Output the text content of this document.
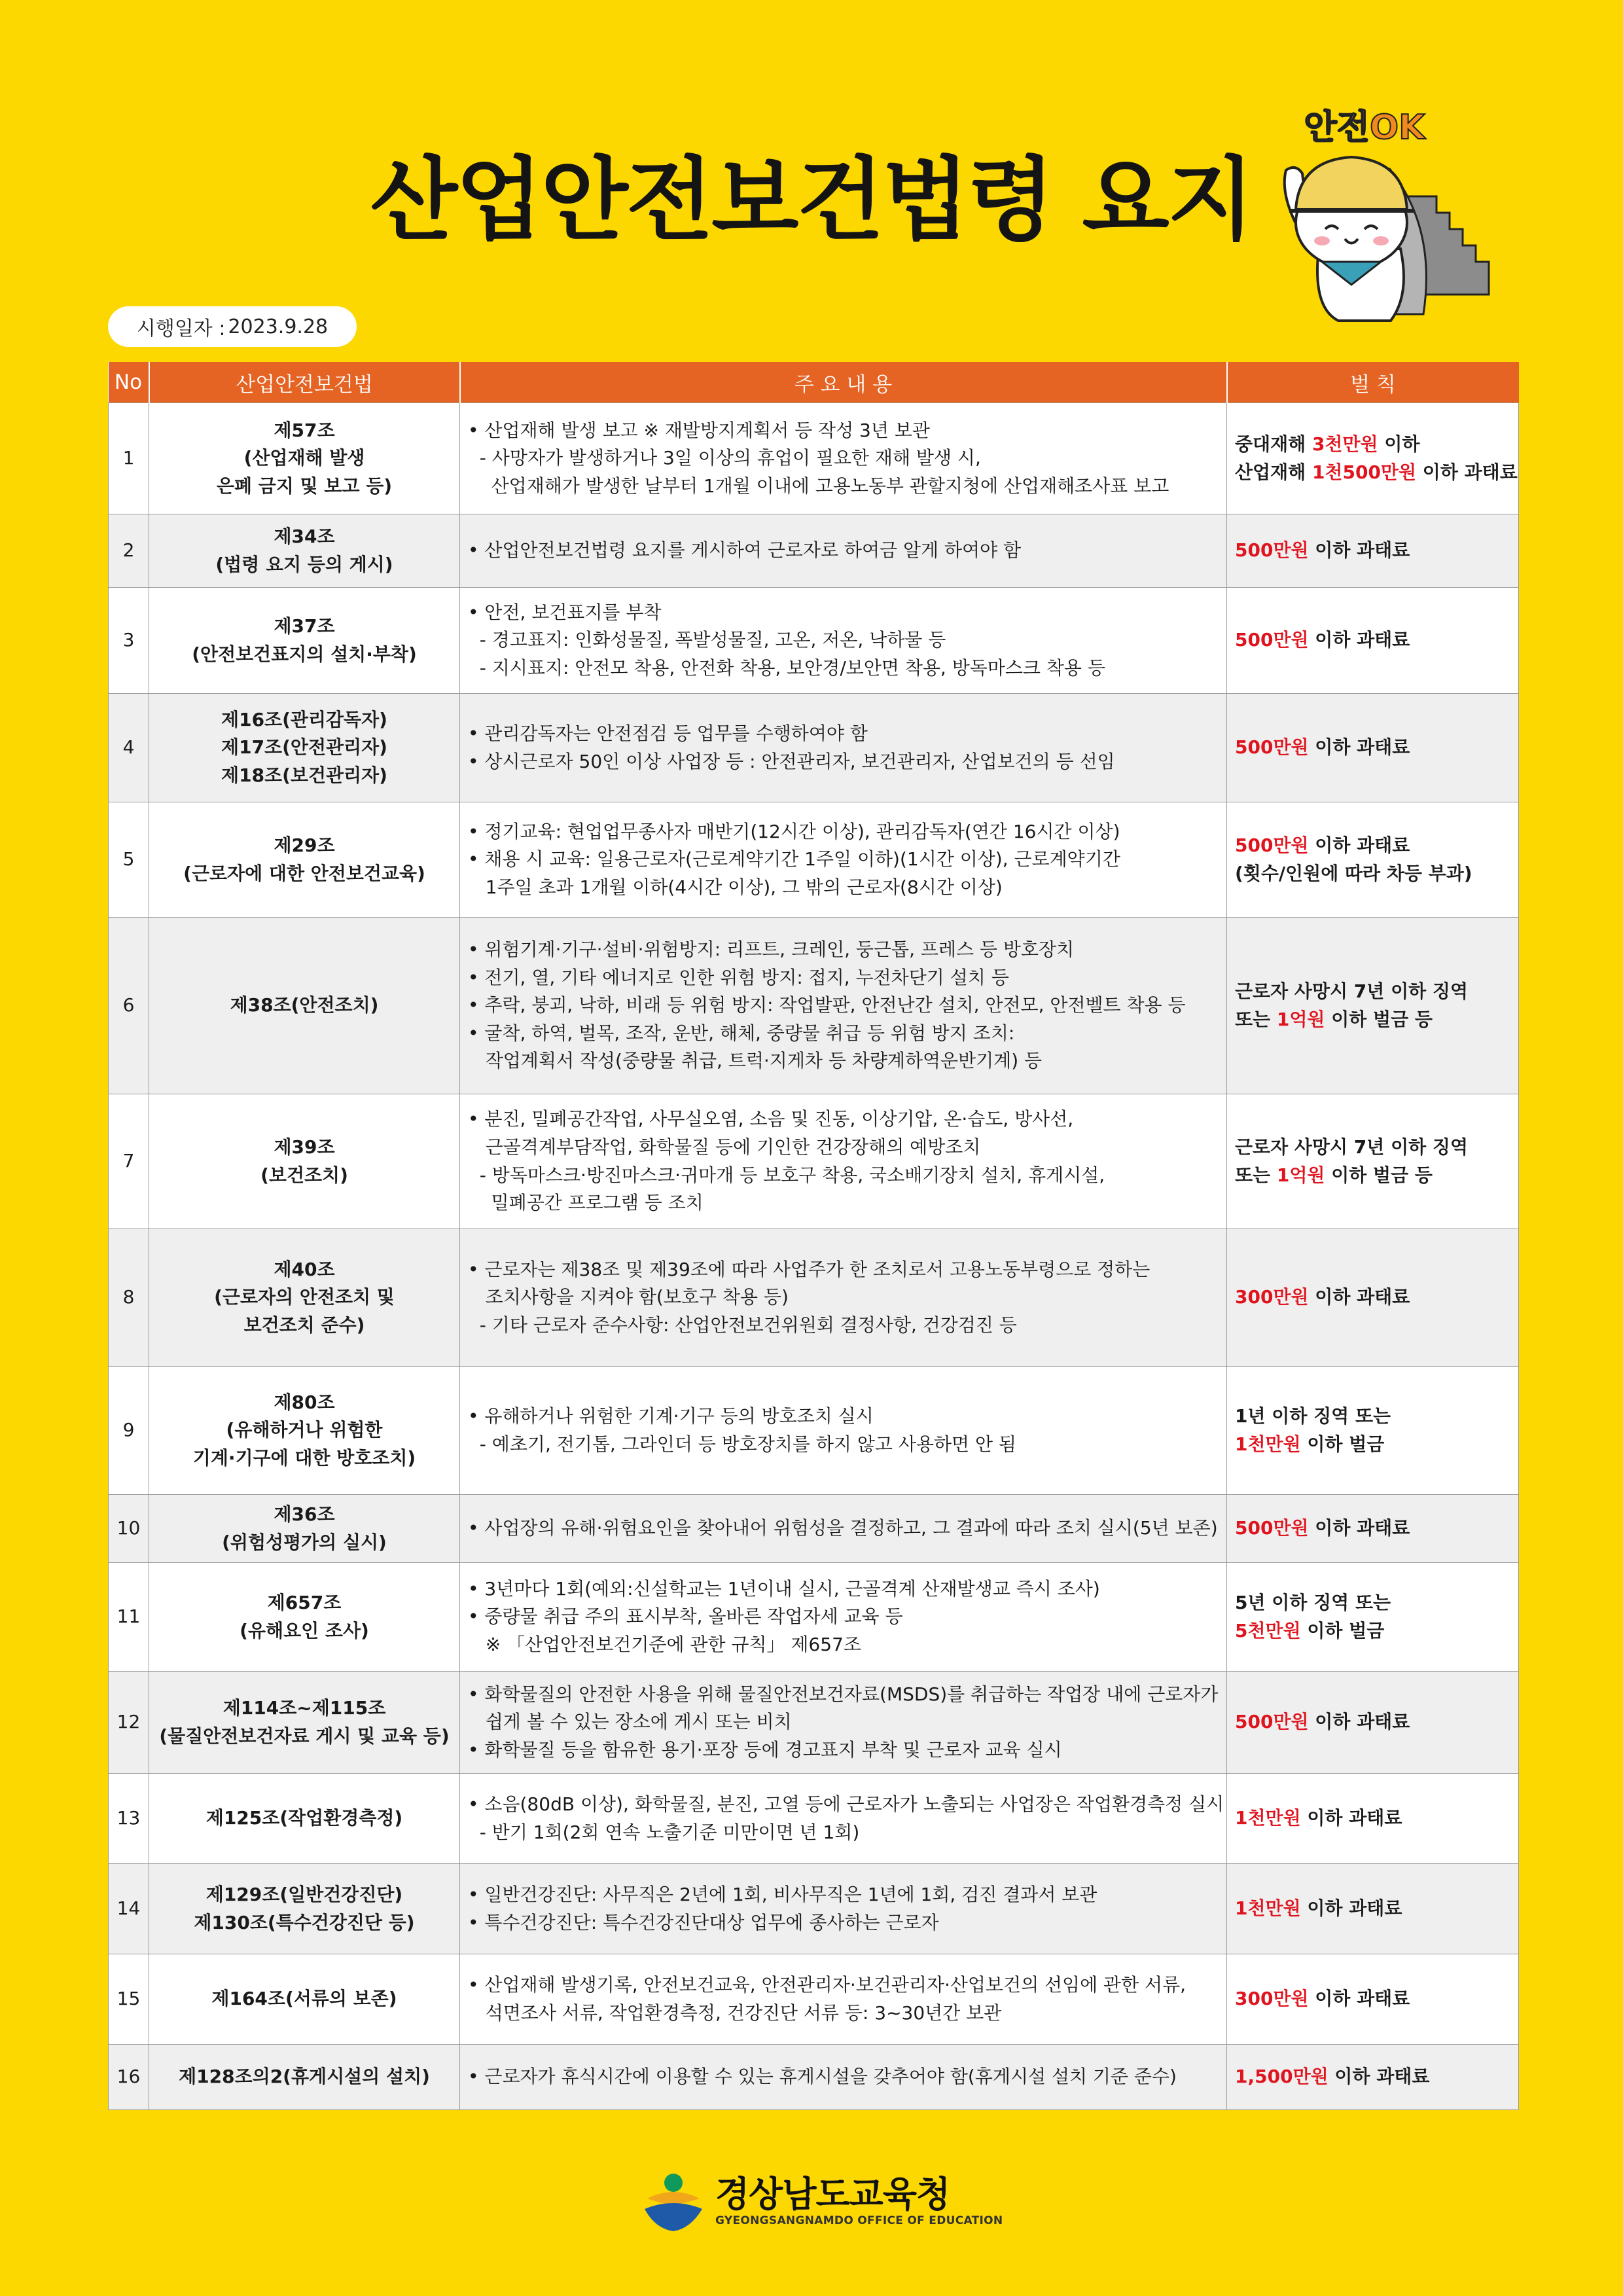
산업안전보건법령 요지
안전OK
시행일자 : 2023.9.28
No	산업안전보건법	주 요 내 용	벌 칙
1	제57조
(산업재해 발생
은폐 금지 및 보고 등)	• 산업재해 발생 보고 ※ 재발방지계획서 등 작성 3년 보관
- 사망자가 발생하거나 3일 이상의 휴업이 필요한 재해 발생 시,
산업재해가 발생한 날부터 1개월 이내에 고용노동부 관할지청에 산업재해조사표 보고	중대재해 3천만원 이하
산업재해 1천500만원 이하 과태료

2	제34조
(법령 요지 등의 게시)	• 산업안전보건법령 요지를 게시하여 근로자로 하여금 알게 하여야 함	500만원 이하 과태료

3	제37조
(안전보건표지의 설치·부착)	• 안전, 보건표지를 부착
- 경고표지: 인화성물질, 폭발성물질, 고온, 저온, 낙하물 등
- 지시표지: 안전모 착용, 안전화 착용, 보안경/보안면 착용, 방독마스크 착용 등	500만원 이하 과태료

4	제16조(관리감독자)
제17조(안전관리자)
제18조(보건관리자)	• 관리감독자는 안전점검 등 업무를 수행하여야 함
• 상시근로자 50인 이상 사업장 등 : 안전관리자, 보건관리자, 산업보건의 등 선임	500만원 이하 과태료

5	제29조
(근로자에 대한 안전보건교육)	• 정기교육: 현업업무종사자 매반기(12시간 이상), 관리감독자(연간 16시간 이상)
• 채용 시 교육: 일용근로자(근로계약기간 1주일 이하)(1시간 이상), 근로계약기간
1주일 초과 1개월 이하(4시간 이상), 그 밖의 근로자(8시간 이상)	500만원 이하 과태료
(횟수/인원에 따라 차등 부과)

6	제38조(안전조치)	• 위험기계·기구·설비·위험방지: 리프트, 크레인, 둥근톱, 프레스 등 방호장치
• 전기, 열, 기타 에너지로 인한 위험 방지: 접지, 누전차단기 설치 등
• 추락, 붕괴, 낙하, 비래 등 위험 방지: 작업발판, 안전난간 설치, 안전모, 안전벨트 착용 등
• 굴착, 하역, 벌목, 조작, 운반, 해체, 중량물 취급 등 위험 방지 조치:
작업계획서 작성(중량물 취급, 트럭·지게차 등 차량계하역운반기계) 등	근로자 사망시 7년 이하 징역
또는 1억원 이하 벌금 등

7	제39조
(보건조치)	• 분진, 밀폐공간작업, 사무실오염, 소음 및 진동, 이상기압, 온·습도, 방사선,
근골격계부담작업, 화학물질 등에 기인한 건강장해의 예방조치
- 방독마스크·방진마스크·귀마개 등 보호구 착용, 국소배기장치 설치, 휴게시설,
밀폐공간 프로그램 등 조치	근로자 사망시 7년 이하 징역
또는 1억원 이하 벌금 등

8	제40조
(근로자의 안전조치 및
보건조치 준수)	• 근로자는 제38조 및 제39조에 따라 사업주가 한 조치로서 고용노동부령으로 정하는
조치사항을 지켜야 함(보호구 착용 등)
- 기타 근로자 준수사항: 산업안전보건위원회 결정사항, 건강검진 등	300만원 이하 과태료

9	제80조
(유해하거나 위험한
기계·기구에 대한 방호조치)	• 유해하거나 위험한 기계·기구 등의 방호조치 실시
- 예초기, 전기톱, 그라인더 등 방호장치를 하지 않고 사용하면 안 됨	1년 이하 징역 또는
1천만원 이하 벌금

10	제36조
(위험성평가의 실시)	• 사업장의 유해·위험요인을 찾아내어 위험성을 결정하고, 그 결과에 따라 조치 실시(5년 보존)	500만원 이하 과태료

11	제657조
(유해요인 조사)	• 3년마다 1회(예외:신설학교는 1년이내 실시, 근골격계 산재발생교 즉시 조사)
• 중량물 취급 주의 표시부착, 올바른 작업자세 교육 등
※ 「산업안전보건기준에 관한 규칙」 제657조	5년 이하 징역 또는
5천만원 이하 벌금

12	제114조~제115조
(물질안전보건자료 게시 및 교육 등)	• 화학물질의 안전한 사용을 위해 물질안전보건자료(MSDS)를 취급하는 작업장 내에 근로자가
쉽게 볼 수 있는 장소에 게시 또는 비치
• 화학물질 등을 함유한 용기·포장 등에 경고표지 부착 및 근로자 교육 실시	500만원 이하 과태료

13	제125조(작업환경측정)	• 소음(80dB 이상), 화학물질, 분진, 고열 등에 근로자가 노출되는 사업장은 작업환경측정 실시
- 반기 1회(2회 연속 노출기준 미만이면 년 1회)	1천만원 이하 과태료

14	제129조(일반건강진단)
제130조(특수건강진단 등)	• 일반건강진단: 사무직은 2년에 1회, 비사무직은 1년에 1회, 검진 결과서 보관
• 특수건강진단: 특수건강진단대상 업무에 종사하는 근로자	1천만원 이하 과태료

15	제164조(서류의 보존)	• 산업재해 발생기록, 안전보건교육, 안전관리자·보건관리자·산업보건의 선임에 관한 서류,
석면조사 서류, 작업환경측정, 건강진단 서류 등: 3~30년간 보관	300만원 이하 과태료

16	제128조의2(휴게시설의 설치)	• 근로자가 휴식시간에 이용할 수 있는 휴게시설을 갖추어야 함(휴게시설 설치 기준 준수)	1,500만원 이하 과태료
경상남도교육청
GYEONGSANGNAMDO OFFICE OF EDUCATION
